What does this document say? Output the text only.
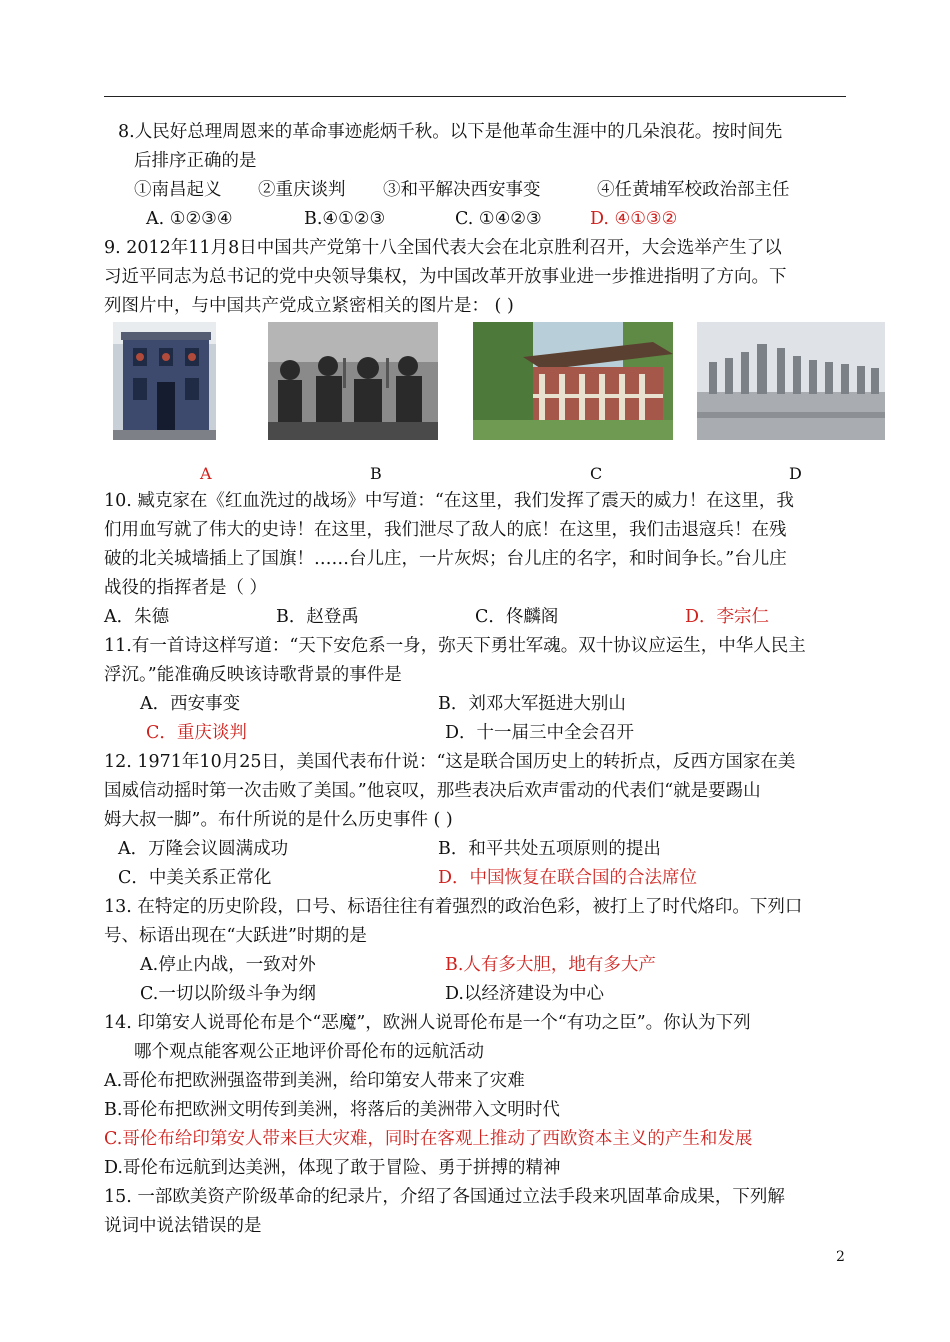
8.人民好总理周恩来的革命事迹彪炳千秋。以下是他革命生涯中的几朵浪花。按时间先
后排序正确的是
①南昌起义 ②重庆谈判 ③和平解决西安事变	④任黄埔军校政治部主任
A. ①②③④	B.④①②③	C. ①④②③	D. ④①③②
9. 2012年11月8日中国共产党第十八全国代表大会在北京胜利召开，大会选举产生了以
习近平同志为总书记的党中央领导集权，为中国改革开放事业进一步推进指明了方向。下
列图片中，与中国共产党成立紧密相关的图片是： ( )
A	B	C	D
10. 臧克家在《红血洗过的战场》中写道：“在这里，我们发挥了震天的威力！在这里，我
们用血写就了伟大的史诗！在这里，我们泄尽了敌人的底！在这里，我们击退寇兵！在残
破的北关城墙插上了国旗！……台儿庄，一片灰烬；台儿庄的名字，和时间争长。”台儿庄
战役的指挥者是（ ）
A．朱德	B．赵登禹	C．佟麟阁	D．李宗仁
11.有一首诗这样写道：“天下安危系一身，弥天下勇壮军魂。双十协议应运生，中华人民主
浮沉。”能准确反映该诗歌背景的事件是
A．西安事变	B．刘邓大军挺进大别山
C．重庆谈判	D．十一届三中全会召开
12. 1971年10月25日，美国代表布什说：“这是联合国历史上的转折点，反西方国家在美
国威信动摇时第一次击败了美国。”他哀叹，那些表决后欢声雷动的代表们“就是要踢山
姆大叔一脚”。布什所说的是什么历史事件 ( )
A．万隆会议圆满成功	B．和平共处五项原则的提出
C．中美关系正常化	D．中国恢复在联合国的合法席位
13. 在特定的历史阶段，口号、标语往往有着强烈的政治色彩，被打上了时代烙印。下列口
号、标语出现在“大跃进”时期的是
A.停止内战，一致对外	B.人有多大胆，地有多大产
C.一切以阶级斗争为纲	D.以经济建设为中心
14. 印第安人说哥伦布是个“恶魔”，欧洲人说哥伦布是一个“有功之臣”。你认为下列
哪个观点能客观公正地评价哥伦布的远航活动
A.哥伦布把欧洲强盗带到美洲，给印第安人带来了灾难
B.哥伦布把欧洲文明传到美洲，将落后的美洲带入文明时代
C.哥伦布给印第安人带来巨大灾难，同时在客观上推动了西欧资本主义的产生和发展
D.哥伦布远航到达美洲，体现了敢于冒险、勇于拼搏的精神
15. 一部欧美资产阶级革命的纪录片，介绍了各国通过立法手段来巩固革命成果，下列解
说词中说法错误的是
2
